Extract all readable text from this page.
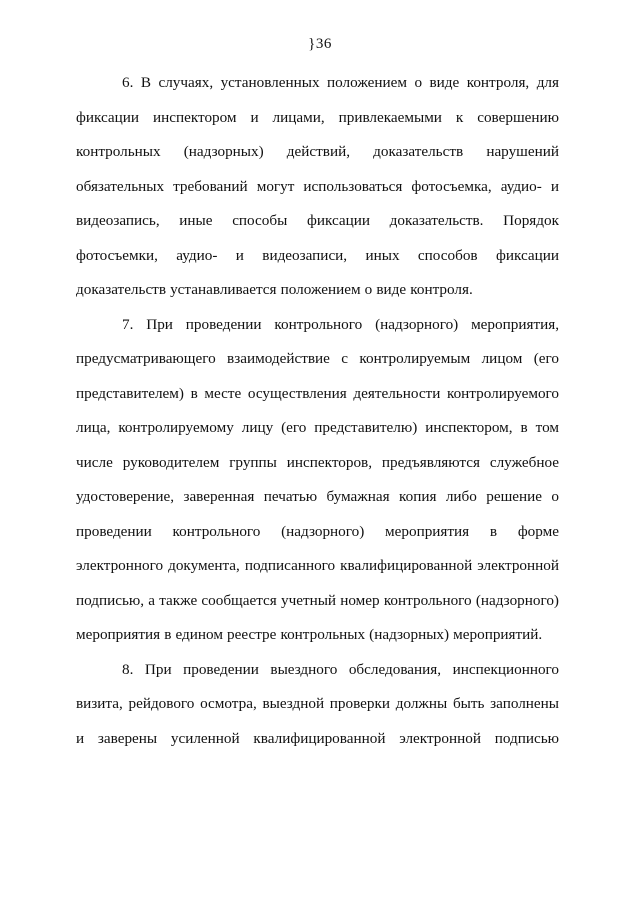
}36

6. В случаях, установленных положением о виде контроля, для фиксации инспектором и лицами, привлекаемыми к совершению контрольных (надзорных) действий, доказательств нарушений обязательных требований могут использоваться фотосъемка, аудио- и видеозапись, иные способы фиксации доказательств. Порядок фотосъемки, аудио- и видеозаписи, иных способов фиксации доказательств устанавливается положением о виде контроля.

7. При проведении контрольного (надзорного) мероприятия, предусматривающего взаимодействие с контролируемым лицом (его представителем) в месте осуществления деятельности контролируемого лица, контролируемому лицу (его представителю) инспектором, в том числе руководителем группы инспекторов, предъявляются служебное удостоверение, заверенная печатью бумажная копия либо решение о проведении контрольного (надзорного) мероприятия в форме электронного документа, подписанного квалифицированной электронной подписью, а также сообщается учетный номер контрольного (надзорного) мероприятия в едином реестре контрольных (надзорных) мероприятий.

8. При проведении выездного обследования, инспекционного визита, рейдового осмотра, выездной проверки должны быть заполнены и заверены усиленной квалифицированной электронной подписью
